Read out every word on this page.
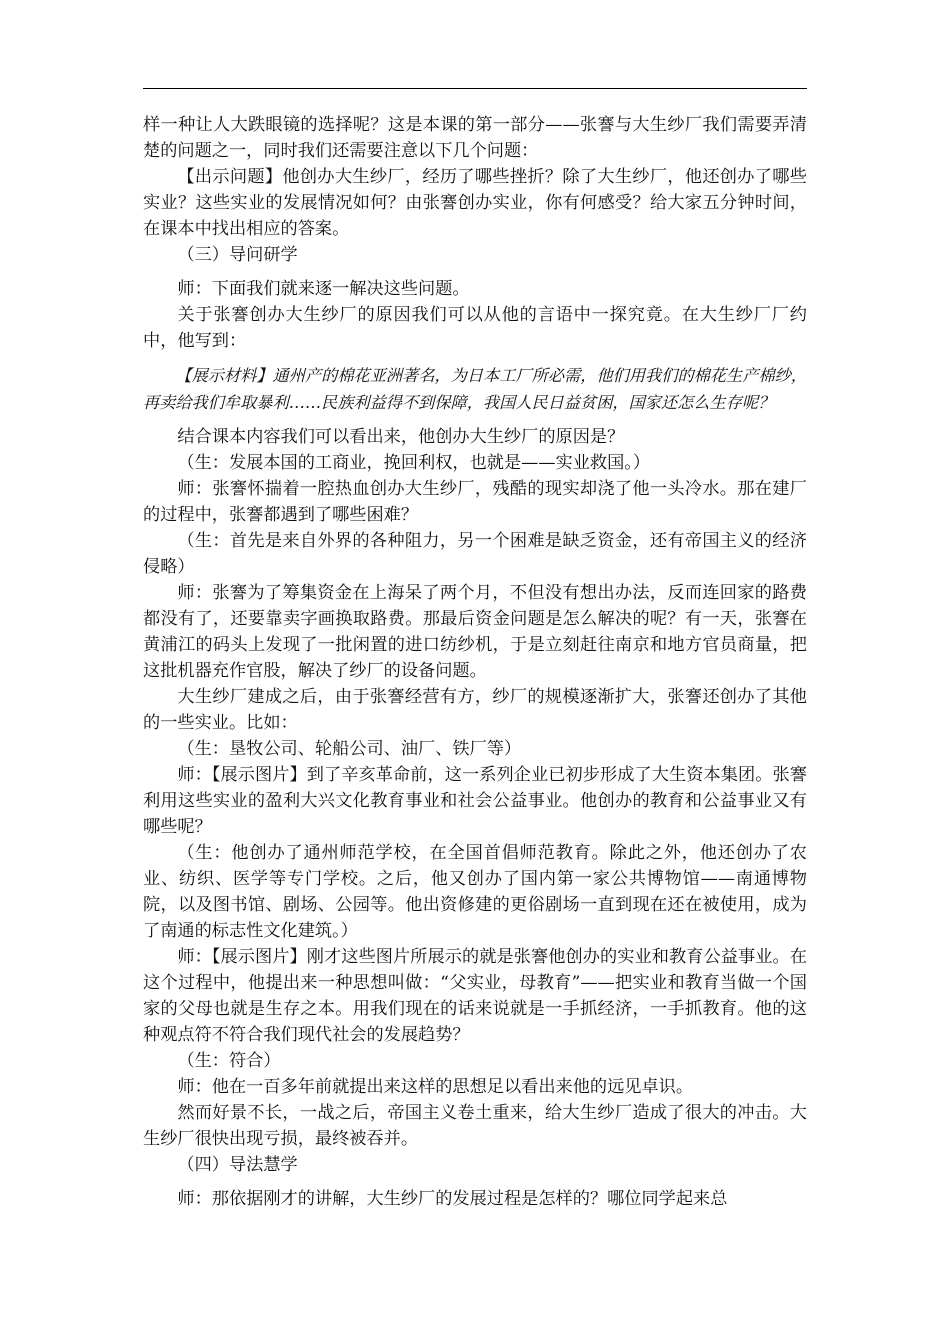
样一种让人大跌眼镜的选择呢？这是本课的第一部分——张謇与大生纱厂我们需要弄清楚的问题之一，同时我们还需要注意以下几个问题：

【出示问题】他创办大生纱厂，经历了哪些挫折？除了大生纱厂，他还创办了哪些实业？这些实业的发展情况如何？由张謇创办实业，你有何感受？给大家五分钟时间，在课本中找出相应的答案。

（三）导问研学

师：下面我们就来逐一解决这些问题。

关于张謇创办大生纱厂的原因我们可以从他的言语中一探究竟。在大生纱厂厂约中，他写到：

【展示材料】通州产的棉花亚洲著名，为日本工厂所必需，他们用我们的棉花生产棉纱，再卖给我们牟取暴利……民族利益得不到保障，我国人民日益贫困，国家还怎么生存呢？

结合课本内容我们可以看出来，他创办大生纱厂的原因是？

（生：发展本国的工商业，挽回利权，也就是——实业救国。）

师：张謇怀揣着一腔热血创办大生纱厂，残酷的现实却浇了他一头冷水。那在建厂的过程中，张謇都遇到了哪些困难？

（生：首先是来自外界的各种阻力，另一个困难是缺乏资金，还有帝国主义的经济侵略）

师：张謇为了筹集资金在上海呆了两个月，不但没有想出办法，反而连回家的路费都没有了，还要靠卖字画换取路费。那最后资金问题是怎么解决的呢？有一天，张謇在黄浦江的码头上发现了一批闲置的进口纺纱机，于是立刻赶往南京和地方官员商量，把这批机器充作官股，解决了纱厂的设备问题。

大生纱厂建成之后，由于张謇经营有方，纱厂的规模逐渐扩大，张謇还创办了其他的一些实业。比如：

（生：垦牧公司、轮船公司、油厂、铁厂等）

师：【展示图片】到了辛亥革命前，这一系列企业已初步形成了大生资本集团。张謇利用这些实业的盈利大兴文化教育事业和社会公益事业。他创办的教育和公益事业又有哪些呢？

（生：他创办了通州师范学校，在全国首倡师范教育。除此之外，他还创办了农业、纺织、医学等专门学校。之后，他又创办了国内第一家公共博物馆——南通博物院，以及图书馆、剧场、公园等。他出资修建的更俗剧场一直到现在还在被使用，成为了南通的标志性文化建筑。）

师：【展示图片】刚才这些图片所展示的就是张謇他创办的实业和教育公益事业。在这个过程中，他提出来一种思想叫做：“父实业，母教育”——把实业和教育当做一个国家的父母也就是生存之本。用我们现在的话来说就是一手抓经济，一手抓教育。他的这种观点符不符合我们现代社会的发展趋势？

（生：符合）

师：他在一百多年前就提出来这样的思想足以看出来他的远见卓识。

然而好景不长，一战之后，帝国主义卷土重来，给大生纱厂造成了很大的冲击。大生纱厂很快出现亏损，最终被吞并。

（四）导法慧学

师：那依据刚才的讲解，大生纱厂的发展过程是怎样的？哪位同学起来总
